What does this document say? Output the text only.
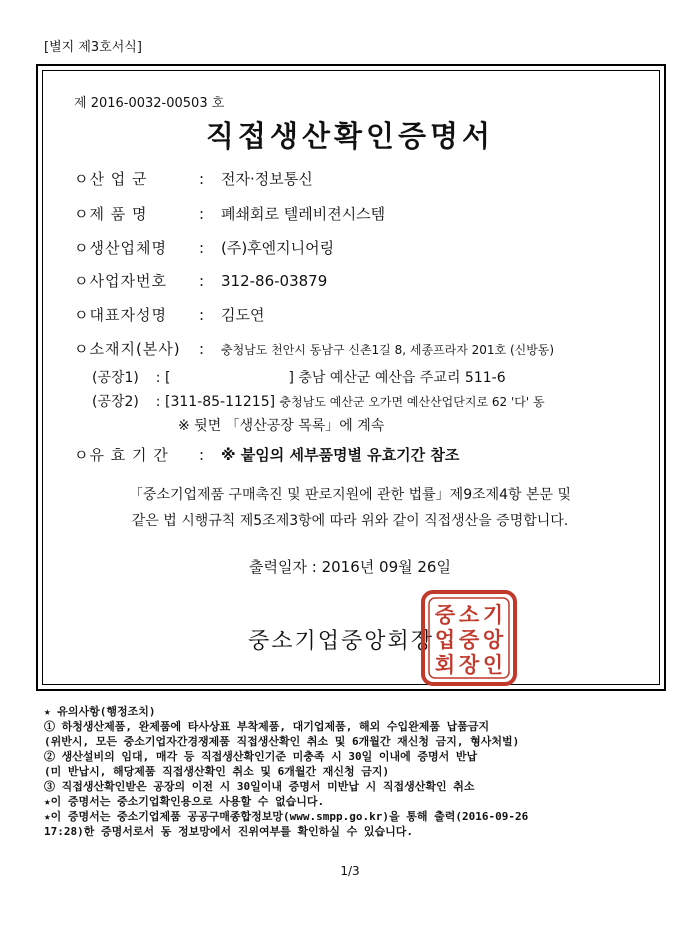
[별지 제3호서식]
제 2016-0032-00503 호
직접생산확인증명서
ㅇ산 업 군	: 전자·정보통신
ㅇ제 품 명	: 폐쇄회로 텔레비젼시스템
ㅇ생산업체명 : (주)후엔지니어링
ㅇ사업자번호 : 312-86-03879
ㅇ대표자성명 : 김도연
ㅇ소재지(본사) : 충청남도 천안시 동남구 신촌1길 8, 세종프라자 201호 (신방동)
(공장1) : [	] 충남 예산군 예산읍 주교리 511-6
(공장2) : [311-85-11215] 충청남도 예산군 오가면 예산산업단지로 62 '다' 동
※ 뒷면 「생산공장 목록」에 계속
ㅇ유 효 기 간 : ※ 붙임의 세부품명별 유효기간 참조
「중소기업제품 구매촉진 및 판로지원에 관한 법률」제9조제4항 본문 및
같은 법 시행규칙 제5조제3항에 따라 위와 같이 직접생산을 증명합니다.
출력일자 : 2016년 09월 26일
중소기업중앙회장
중 소 기
업 중 앙
회 장 인
★ 유의사항(행정조치)
① 하청생산제품, 완제품에 타사상표 부착제품, 대기업제품, 해외 수입완제품 납품금지
(위반시, 모든 중소기업자간경쟁제품 직접생산확인 취소 및 6개월간 재신청 금지, 형사처벌)
② 생산설비의 임대, 매각 등 직접생산확인기준 미충족 시 30일 이내에 증명서 반납
(미 반납시, 해당제품 직접생산확인 취소 및 6개월간 재신청 금지)
③ 직접생산확인받은 공장의 이전 시 30일이내 증명서 미반납 시 직접생산확인 취소
★이 증명서는 중소기업확인용으로 사용할 수 없습니다.
★이 증명서는 중소기업제품 공공구매종합정보망(www.smpp.go.kr)을 통해 출력(2016-09-26
17:28)한 증명서로서 동 정보망에서 진위여부를 확인하실 수 있습니다.
1/3
